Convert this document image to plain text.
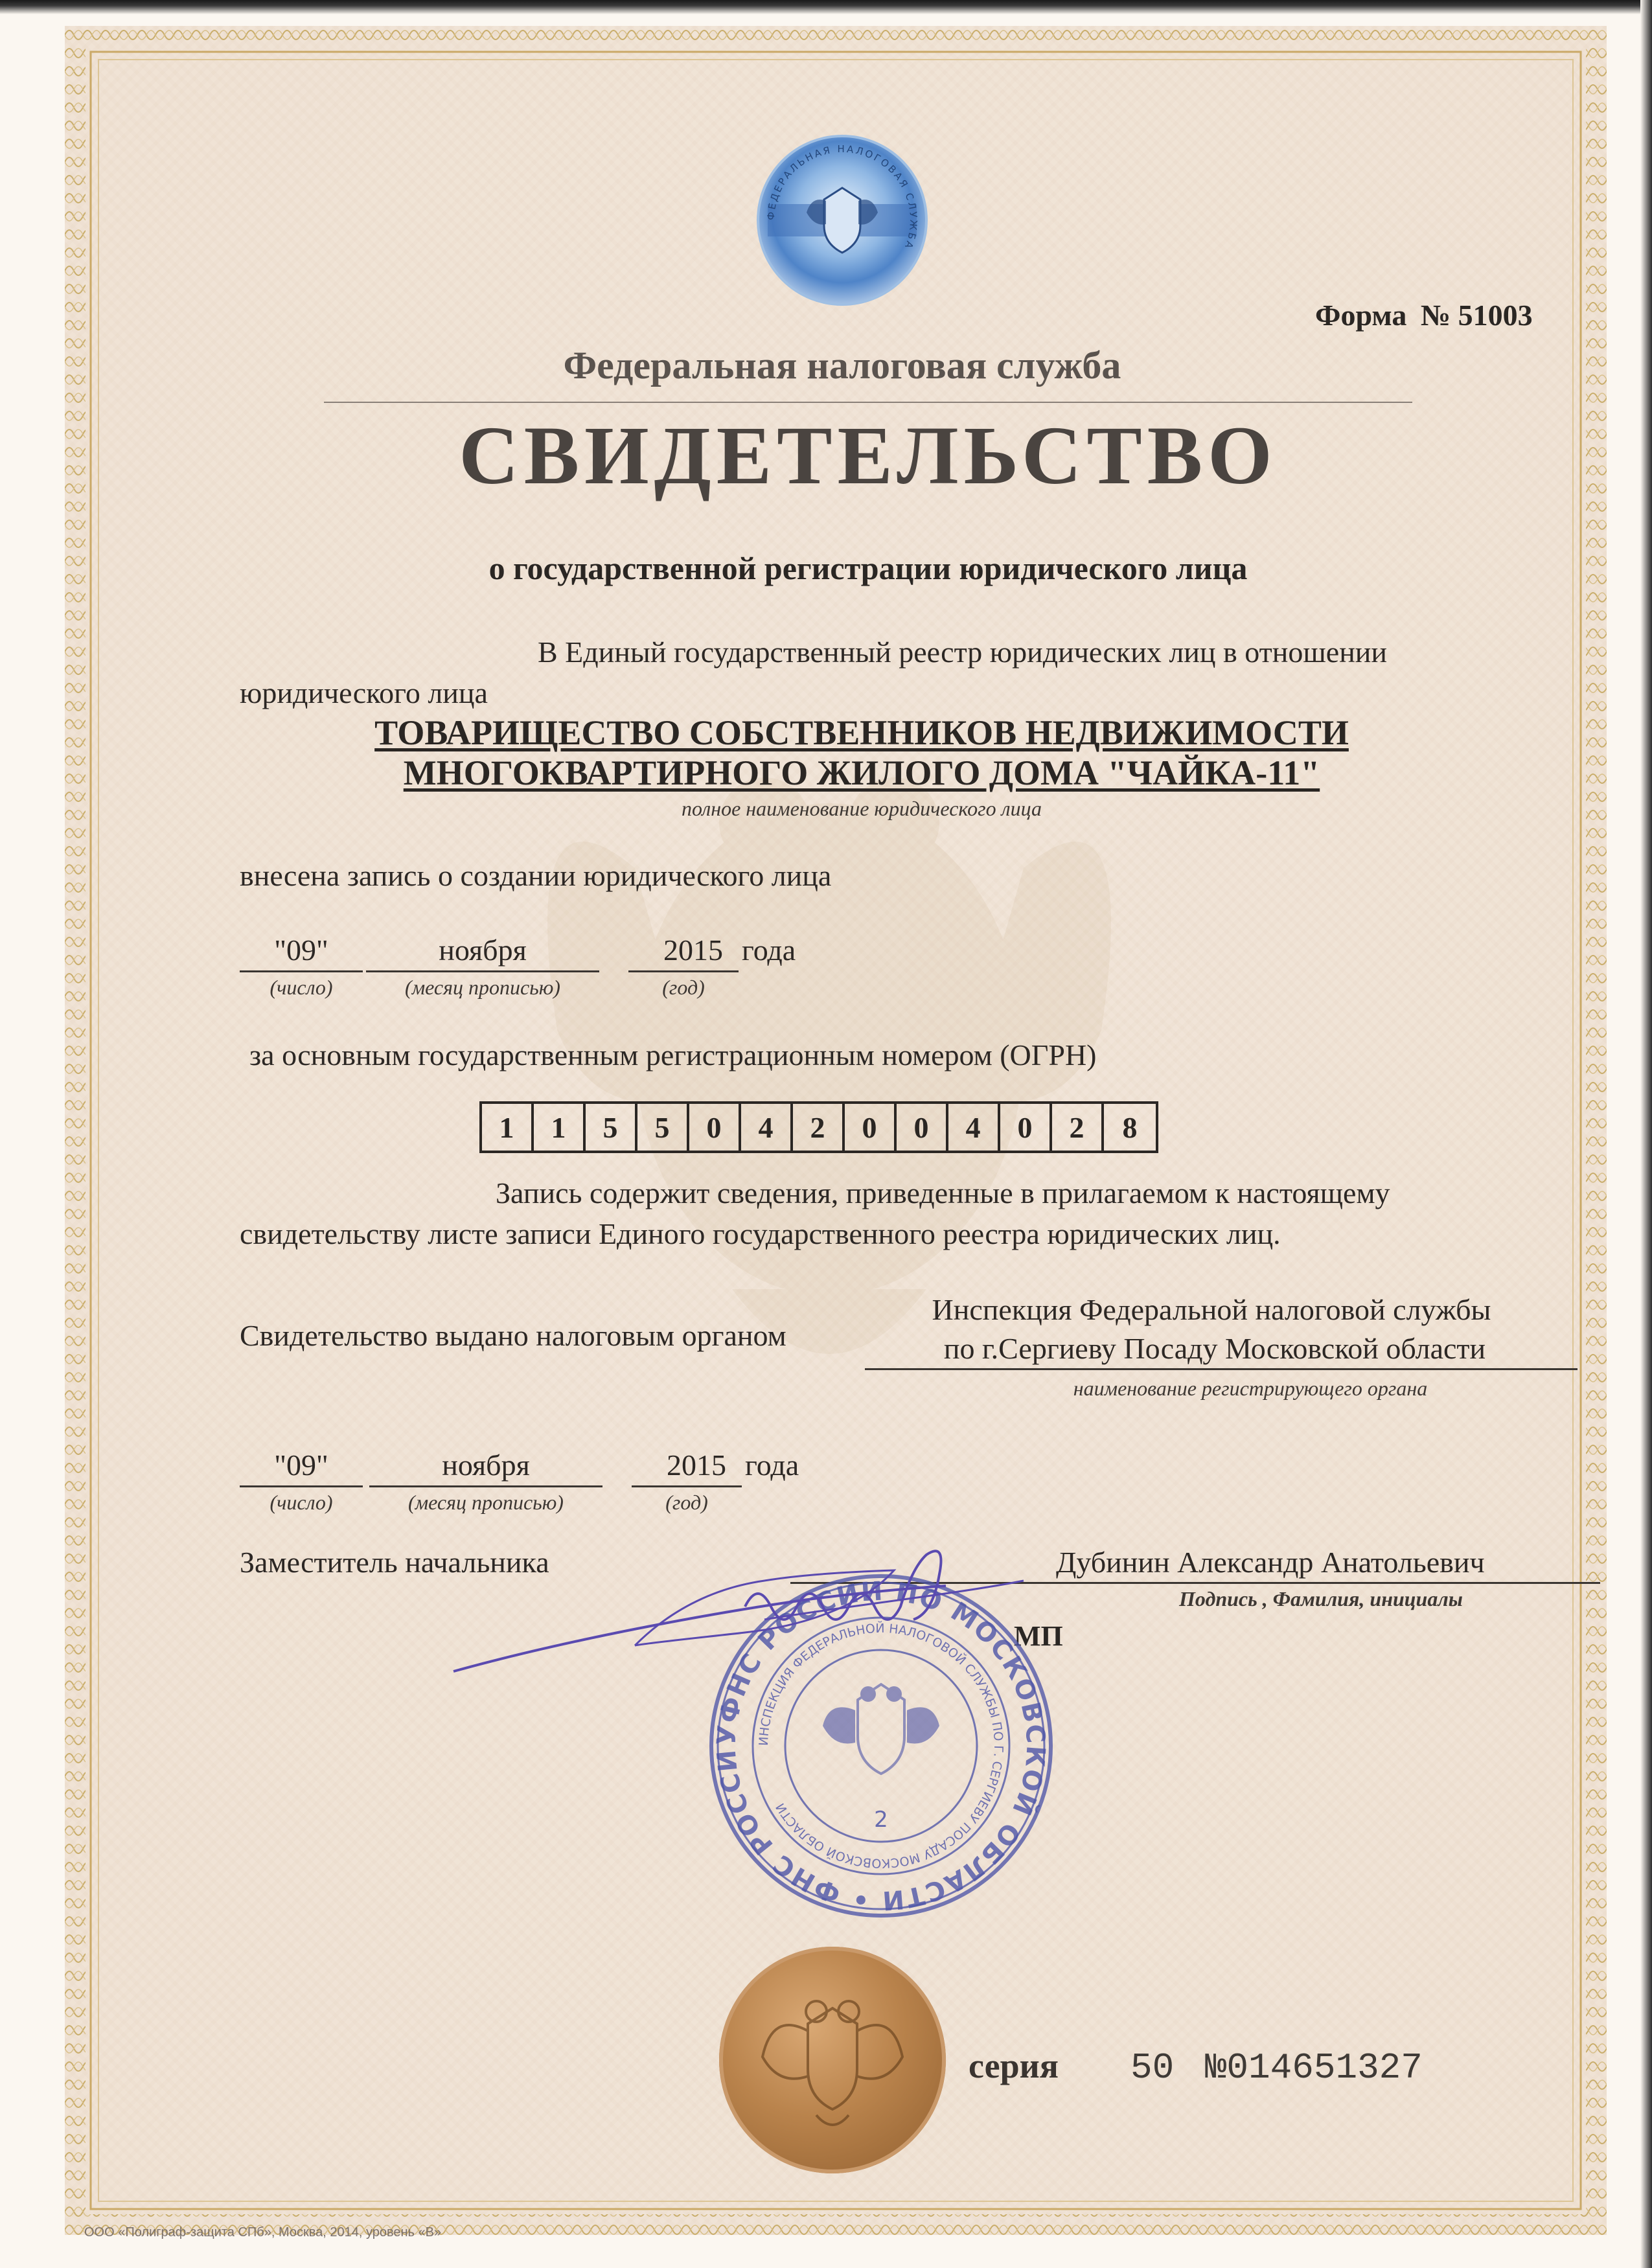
ФЕДЕРАЛЬНАЯ НАЛОГОВАЯ СЛУЖБА
Форма № 51003
Федеральная налоговая служба
СВИДЕТЕЛЬСТВО
о государственной регистрации юридического лица
В Единый государственный реестр юридических лиц в отношении
юридического лица
ТОВАРИЩЕСТВО СОБСТВЕННИКОВ НЕДВИЖИМОСТИ
МНОГОКВАРТИРНОГО ЖИЛОГО ДОМА "ЧАЙКА-11"
полное наименование юридического лица
внесена запись о создании юридического лица
"09"	ноября	2015 года
(число)	(месяц прописью)	(год)
за основным государственным регистрационным номером (ОГРН)
1	1	5	5	0	4	2	0	0	4	0	2	8
Запись содержит сведения, приведенные в прилагаемом к настоящему
свидетельству листе записи Единого государственного реестра юридических лиц.
Инспекция Федеральной налоговой службы
Свидетельство выдано налоговым органом	по г.Сергиеву Посаду Московской области
наименование регистрирующего органа
"09"	ноября	2015 года
(число)	(месяц прописью)	(год)
Заместитель начальника	Дубинин Александр Анатольевич
Подпись , Фамилия, инициалы
МП
УФНС РОССИИ ПО МОСКОВСКОЙ ОБЛАСТИ • ФНС РОССИ
ИНСПЕКЦИЯ ФЕДЕРАЛЬНОЙ НАЛОГОВОЙ СЛУЖБЫ ПО Г. СЕРГИЕВУ ПОСАДУ МОСКОВСКОЙ ОБЛАСТИ	2
серия 50 №014651327
ООО «Полиграф-защита СПб», Москва, 2014, уровень «В»
